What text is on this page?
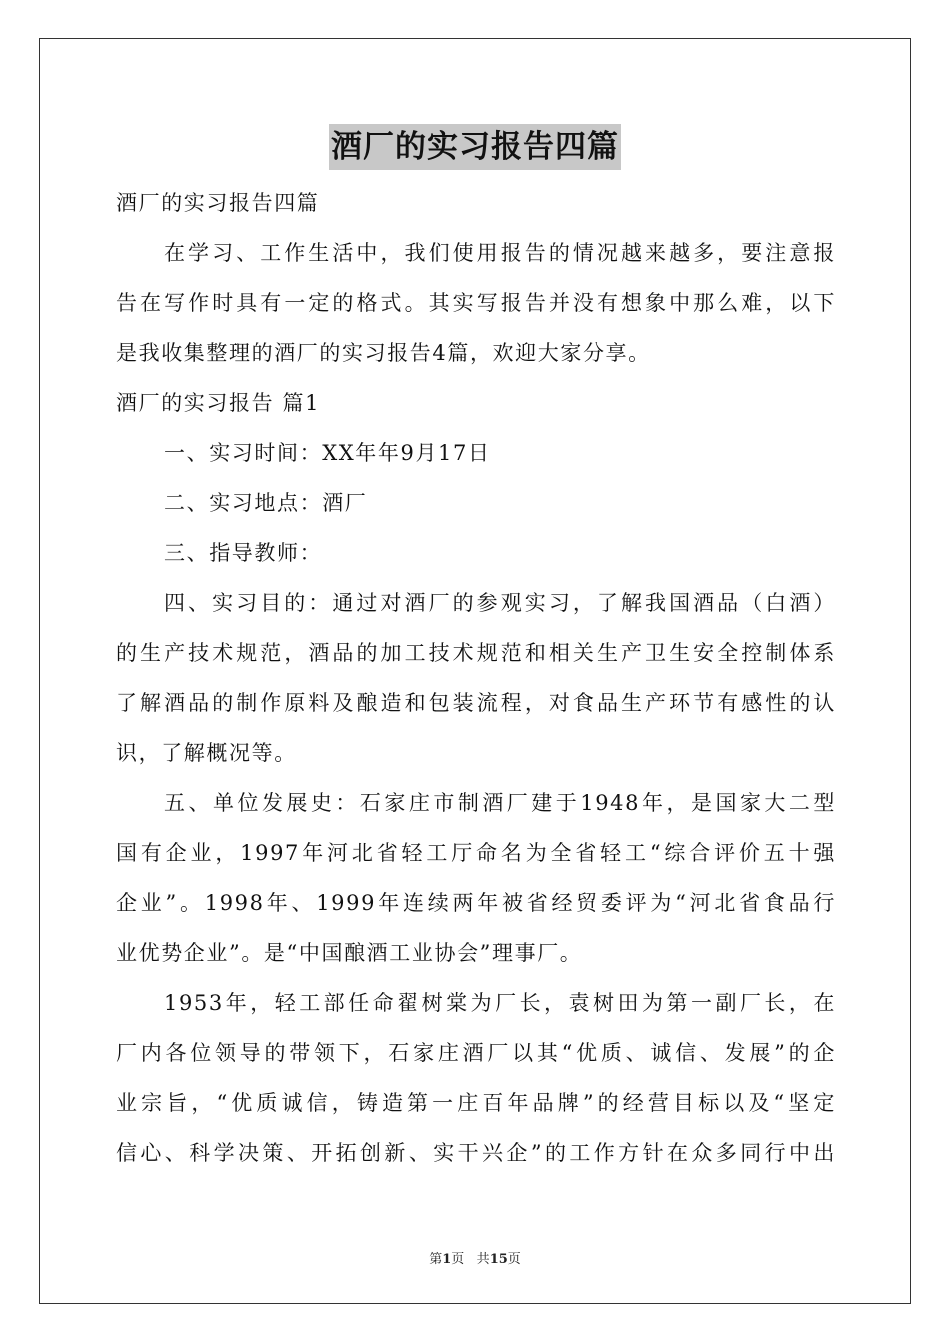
酒厂的实习报告四篇
酒厂的实习报告四篇
在学习、工作生活中，我们使用报告的情况越来越多，要注意报
告在写作时具有一定的格式。其实写报告并没有想象中那么难，以下
是我收集整理的酒厂的实习报告4篇，欢迎大家分享。
酒厂的实习报告 篇1
一、实习时间：XX年年9月17日
二、实习地点：酒厂
三、指导教师：
四、实习目的：通过对酒厂的参观实习，了解我国酒品（白酒）
的生产技术规范，酒品的加工技术规范和相关生产卫生安全控制体系
了解酒品的制作原料及酿造和包装流程，对食品生产环节有感性的认
识，了解概况等。
五、单位发展史：石家庄市制酒厂建于1948年，是国家大二型
国有企业，1997年河北省轻工厅命名为全省轻工“综合评价五十强
企业”。1998年、1999年连续两年被省经贸委评为“河北省食品行
业优势企业”。是“中国酿酒工业协会”理事厂。
1953年，轻工部任命翟树棠为厂长，袁树田为第一副厂长，在
厂内各位领导的带领下，石家庄酒厂以其“优质、诚信、发展”的企
业宗旨，“优质诚信，铸造第一庄百年品牌”的经营目标以及“坚定
信心、科学决策、开拓创新、实干兴企”的工作方针在众多同行中出
第1页 共15页
